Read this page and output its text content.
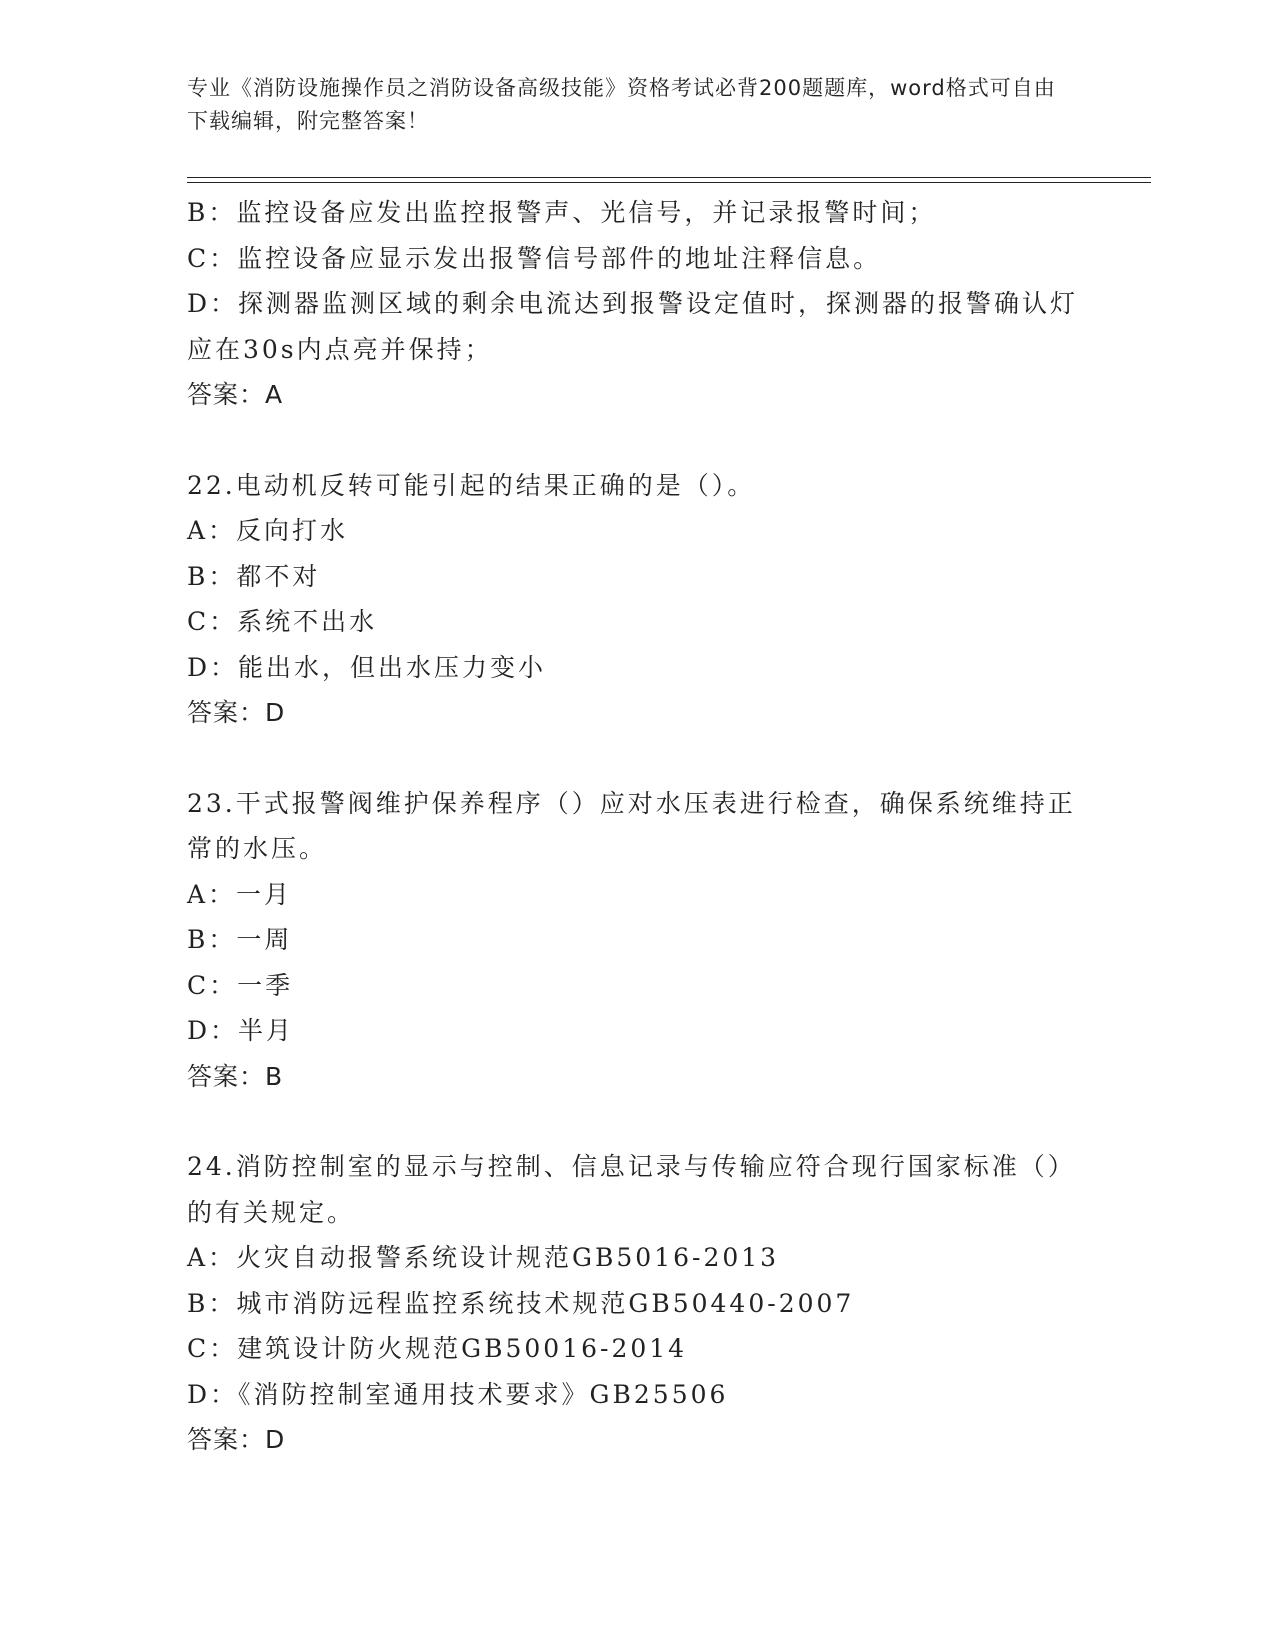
专业《消防设施操作员之消防设备高级技能》资格考试必背200题题库，word格式可自由下载编辑，附完整答案！

B：监控设备应发出监控报警声、光信号，并记录报警时间；

C：监控设备应显示发出报警信号部件的地址注释信息。

D：探测器监测区域的剩余电流达到报警设定值时，探测器的报警确认灯应在30s内点亮并保持；

答案：A

22.电动机反转可能引起的结果正确的是（）。

A：反向打水

B：都不对

C：系统不出水

D：能出水，但出水压力变小

答案：D

23.干式报警阀维护保养程序（）应对水压表进行检查，确保系统维持正常的水压。

A：一月

B：一周

C：一季

D：半月

答案：B

24.消防控制室的显示与控制、信息记录与传输应符合现行国家标准（）的有关规定。

A：火灾自动报警系统设计规范GB5016-2013

B：城市消防远程监控系统技术规范GB50440-2007

C：建筑设计防火规范GB50016-2014

D：《消防控制室通用技术要求》GB25506

答案：D
